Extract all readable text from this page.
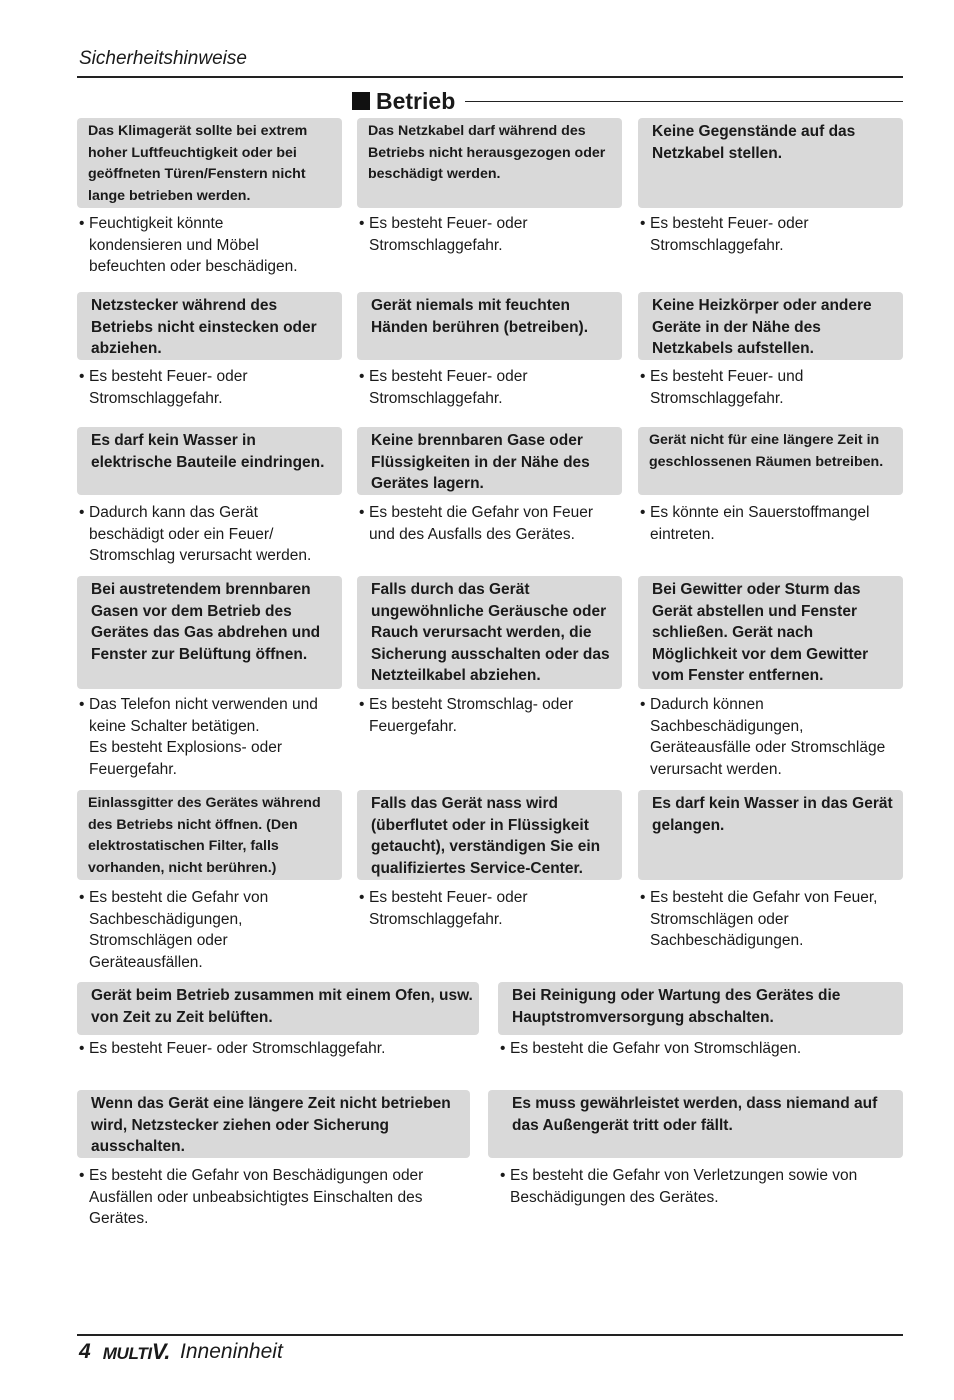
Sicherheitshinweise
Betrieb
Das Klimagerät sollte bei extrem hoher Luftfeuchtigkeit oder bei geöffneten Türen/Fenstern nicht lange betrieben werden.
Das Netzkabel darf während des Betriebs nicht herausgezogen oder beschädigt werden.
Keine Gegenstände auf das Netzkabel stellen.
• Feuchtigkeit könnte
kondensieren und Möbel
befeuchten oder beschädigen.
• Es besteht Feuer- oder
Stromschlaggefahr.
• Es besteht Feuer- oder
Stromschlaggefahr.
Netzstecker während des Betriebs nicht einstecken oder abziehen.
Gerät niemals mit feuchten Händen berühren (betreiben).
Keine Heizkörper oder andere Geräte in der Nähe des Netzkabels aufstellen.
• Es besteht Feuer- oder
Stromschlaggefahr.
• Es besteht Feuer- oder
Stromschlaggefahr.
• Es besteht Feuer- und
Stromschlaggefahr.
Es darf kein Wasser in elektrische Bauteile eindringen.
Keine brennbaren Gase oder Flüssigkeiten in der Nähe des Gerätes lagern.
Gerät nicht für eine längere Zeit in geschlossenen Räumen betreiben.
• Dadurch kann das Gerät
beschädigt oder ein Feuer/
Stromschlag verursacht werden.
• Es besteht die Gefahr von Feuer
und des Ausfalls des Gerätes.
• Es könnte ein Sauerstoffmangel
eintreten.
Bei austretendem brennbaren Gasen vor dem Betrieb des Gerätes das Gas abdrehen und Fenster zur Belüftung öffnen.
Falls durch das Gerät ungewöhnliche Geräusche oder Rauch verursacht werden, die Sicherung ausschalten oder das Netzteilkabel abziehen.
Bei Gewitter oder Sturm das Gerät abstellen und Fenster schließen. Gerät nach Möglichkeit vor dem Gewitter vom Fenster entfernen.
• Das Telefon nicht verwenden und
keine Schalter betätigen.
Es besteht Explosions- oder
Feuergefahr.
• Es besteht Stromschlag- oder
Feuergefahr.
• Dadurch können
Sachbeschädigungen,
Geräteausfälle oder Stromschläge
verursacht werden.
Einlassgitter des Gerätes während des Betriebs nicht öffnen. (Den elektrostatischen Filter, falls vorhanden, nicht berühren.)
Falls das Gerät nass wird (überflutet oder in Flüssigkeit getaucht), verständigen Sie ein qualifiziertes Service-Center.
Es darf kein Wasser in das Gerät gelangen.
• Es besteht die Gefahr von
Sachbeschädigungen,
Stromschlägen oder
Geräteausfällen.
• Es besteht Feuer- oder
Stromschlaggefahr.
• Es besteht die Gefahr von Feuer,
Stromschlägen oder
Sachbeschädigungen.
Gerät beim Betrieb zusammen mit einem Ofen, usw. von Zeit zu Zeit belüften.
Bei Reinigung oder Wartung des Gerätes die Hauptstromversorgung abschalten.
• Es besteht Feuer- oder Stromschlaggefahr.	• Es besteht die Gefahr von Stromschlägen.
Wenn das Gerät eine längere Zeit nicht betrieben wird, Netzstecker ziehen oder Sicherung ausschalten.
Es muss gewährleistet werden, dass niemand auf das Außengerät tritt oder fällt.
• Es besteht die Gefahr von Beschädigungen oder
Ausfällen oder unbeabsichtigtes Einschalten des
Gerätes.
• Es besteht die Gefahr von Verletzungen sowie von
Beschädigungen des Gerätes.
4 MULTIV. Inneninheit
